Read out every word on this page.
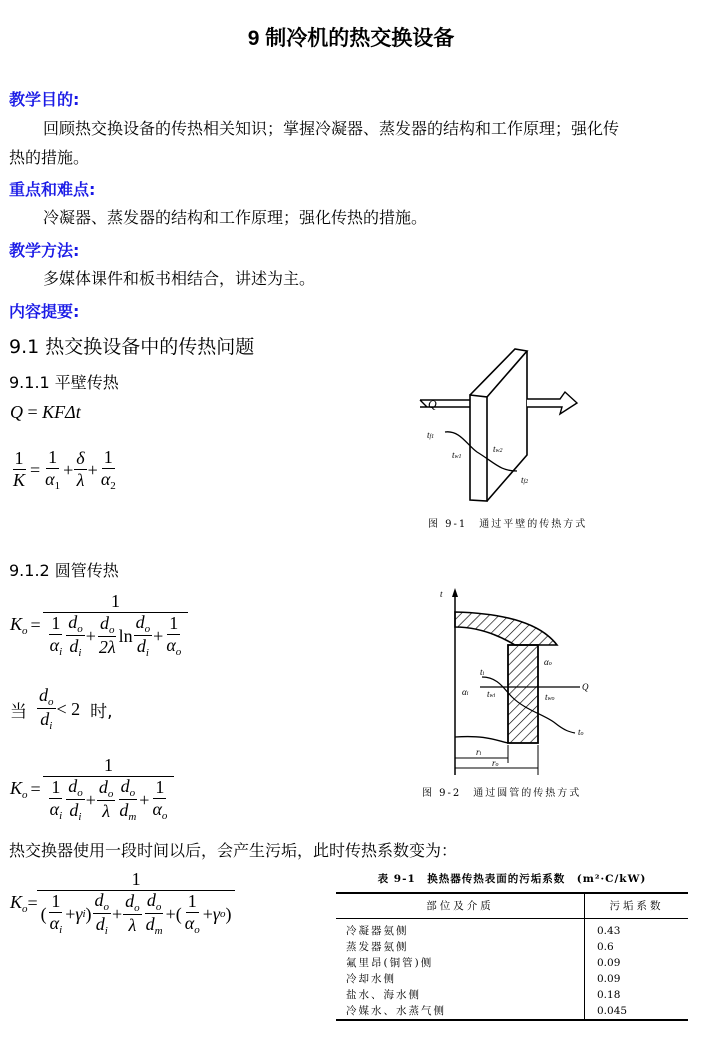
9 制冷机的热交换设备
教学目的:
回顾热交换设备的传热相关知识；掌握冷凝器、蒸发器的结构和工作原理；强化传
热的措施。
重点和难点:
冷凝器、蒸发器的结构和工作原理；强化传热的措施。
教学方法:
多媒体课件和板书相结合，讲述为主。
内容提要:
9.1 热交换设备中的传热问题
9.1.1 平壁传热
Q = KFΔt
$\frac{1}{K} = \frac{1}{\alpha_1} + \frac{\delta}{\lambda} + \frac{1}{\alpha_2}$
Q
tf1
tw1
tw2
tf2
图 9-1　通过平壁的传热方式
9.1.2 圆管传热
$K_o$ =
1
$\frac{1}{\alpha_i} \frac{d_o}{d_i} + \frac{d_o}{2\lambda}$ $\ln \frac{d_o}{d_i} + \frac{1}{\alpha_o}$
当 $\frac{d_o}{d_i} < 2$ 时,
$K_o$ =
1
$\frac{1}{\alpha_i} \frac{d_o}{d_i} + \frac{d_o}{\lambda} \frac{d_o}{d_m} + \frac{1}{\alpha_o}$
t
ti
αi twi
αo
two
Q
to
ri
ro
图 9-2　通过圆管的传热方式
热交换器使用一段时间以后，会产生污垢，此时传热系数变为：
$K_o$ =
1
( $\frac{1}{\alpha_i} + \gamma$ i ) $\frac{d_o}{d_i} + \frac{d_o}{\lambda} \frac{d_o}{d_m}$ + ( $\frac{1}{\alpha_o} + \gamma$ o )
表 9-1　换热器传热表面的污垢系数　(m²·C/kW)
部位及介质	污垢系数
冷凝器氨侧	0.43
蒸发器氨侧	0.6
氟里昂(铜管)侧	0.09
冷却水侧	0.09
盐水、海水侧	0.18
冷媒水、水蒸气侧	0.045
